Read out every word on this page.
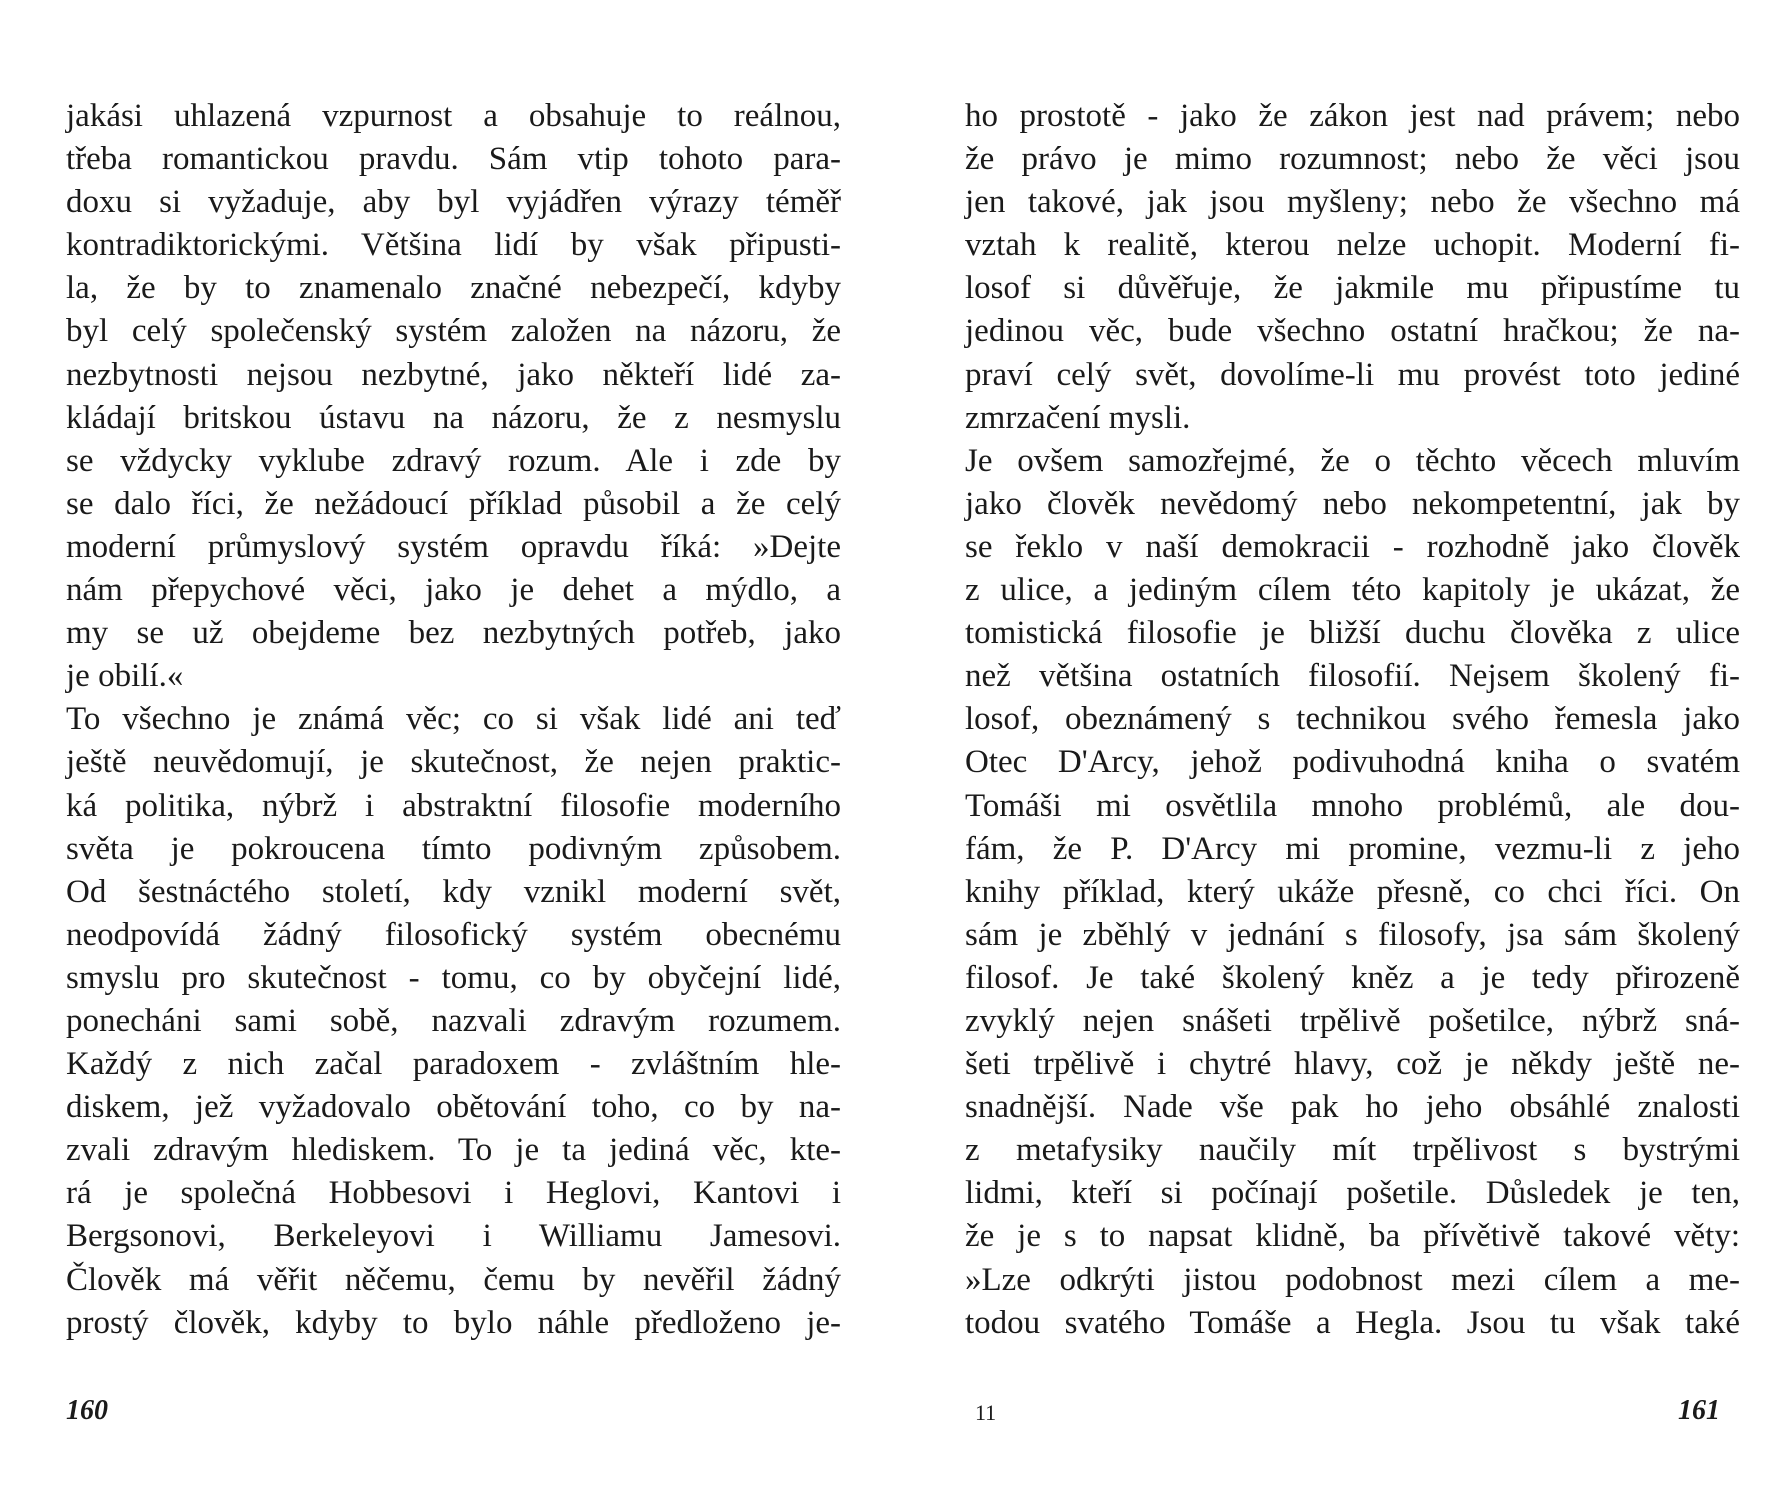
jakási uhlazená vzpurnost a obsahuje to reálnou,
třeba romantickou pravdu. Sám vtip tohoto para-
doxu si vyžaduje, aby byl vyjádřen výrazy téměř
kontradiktorickými. Většina lidí by však připusti-
la, že by to znamenalo značné nebezpečí, kdyby
byl celý společenský systém založen na názoru, že
nezbytnosti nejsou nezbytné, jako někteří lidé za-
kládají britskou ústavu na názoru, že z nesmyslu
se vždycky vyklube zdravý rozum. Ale i zde by
se dalo říci, že nežádoucí příklad působil a že celý
moderní průmyslový systém opravdu říká: »Dejte
nám přepychové věci, jako je dehet a mýdlo, a
my se už obejdeme bez nezbytných potřeb, jako
je obilí.«
To všechno je známá věc; co si však lidé ani teď
ještě neuvědomují, je skutečnost, že nejen praktic-
ká politika, nýbrž i abstraktní filosofie moderního
světa je pokroucena tímto podivným způsobem.
Od šestnáctého století, kdy vznikl moderní svět,
neodpovídá žádný filosofický systém obecnému
smyslu pro skutečnost - tomu, co by obyčejní lidé,
ponecháni sami sobě, nazvali zdravým rozumem.
Každý z nich začal paradoxem - zvláštním hle-
diskem, jež vyžadovalo obětování toho, co by na-
zvali zdravým hlediskem. To je ta jediná věc, kte-
rá je společná Hobbesovi i Heglovi, Kantovi i
Bergsonovi, Berkeleyovi i Williamu Jamesovi.
Člověk má věřit něčemu, čemu by nevěřil žádný
prostý člověk, kdyby to bylo náhle předloženo je-
160
ho prostotě - jako že zákon jest nad právem; nebo
že právo je mimo rozumnost; nebo že věci jsou
jen takové, jak jsou myšleny; nebo že všechno má
vztah k realitě, kterou nelze uchopit. Moderní fi-
losof si důvěřuje, že jakmile mu připustíme tu
jedinou věc, bude všechno ostatní hračkou; že na-
praví celý svět, dovolíme-li mu provést toto jediné
zmrzačení mysli.
Je ovšem samozřejmé, že o těchto věcech mluvím
jako člověk nevědomý nebo nekompetentní, jak by
se řeklo v naší demokracii - rozhodně jako člověk
z ulice, a jediným cílem této kapitoly je ukázat, že
tomistická filosofie je bližší duchu člověka z ulice
než většina ostatních filosofií. Nejsem školený fi-
losof, obeznámený s technikou svého řemesla jako
Otec D'Arcy, jehož podivuhodná kniha o svatém
Tomáši mi osvětlila mnoho problémů, ale dou-
fám, že P. D'Arcy mi promine, vezmu-li z jeho
knihy příklad, který ukáže přesně, co chci říci. On
sám je zběhlý v jednání s filosofy, jsa sám školený
filosof. Je také školený kněz a je tedy přirozeně
zvyklý nejen snášeti trpělivě pošetilce, nýbrž sná-
šeti trpělivě i chytré hlavy, což je někdy ještě ne-
snadnější. Nade vše pak ho jeho obsáhlé znalosti
z metafysiky naučily mít trpělivost s bystrými
lidmi, kteří si počínají pošetile. Důsledek je ten,
že je s to napsat klidně, ba přívětivě takové věty:
»Lze odkrýti jistou podobnost mezi cílem a me-
todou svatého Tomáše a Hegla. Jsou tu však také
11	161
